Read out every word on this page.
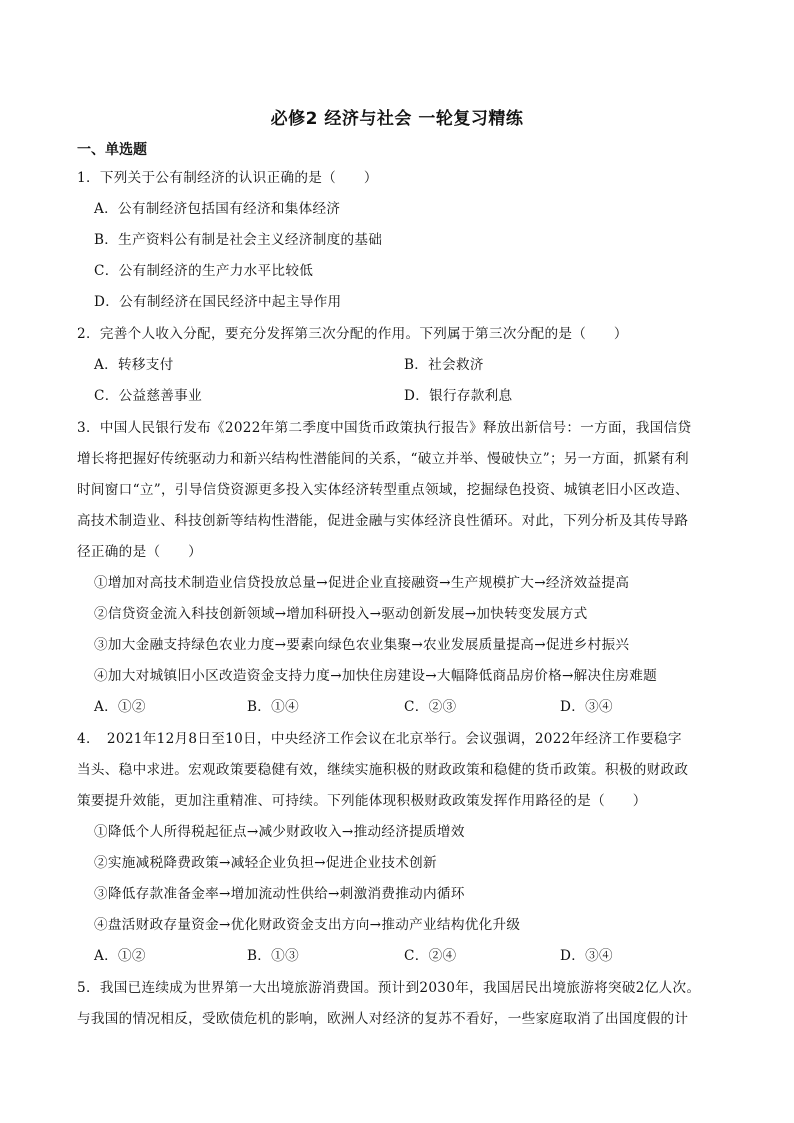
必修2 经济与社会 一轮复习精练
一、单选题
1．下列关于公有制经济的认识正确的是（　　）
A．公有制经济包括国有经济和集体经济
B．生产资料公有制是社会主义经济制度的基础
C．公有制经济的生产力水平比较低
D．公有制经济在国民经济中起主导作用
2．完善个人收入分配，要充分发挥第三次分配的作用。下列属于第三次分配的是（　　）
A．转移支付	B．社会救济
C．公益慈善事业	D．银行存款利息
3．中国人民银行发布《2022年第二季度中国货币政策执行报告》释放出新信号：一方面，我国信贷
增长将把握好传统驱动力和新兴结构性潜能间的关系，“破立并举、慢破快立”；另一方面，抓紧有利
时间窗口“立”，引导信贷资源更多投入实体经济转型重点领域，挖掘绿色投资、城镇老旧小区改造、
高技术制造业、科技创新等结构性潜能，促进金融与实体经济良性循环。对此，下列分析及其传导路
径正确的是（　　）
①增加对高技术制造业信贷投放总量→促进企业直接融资→生产规模扩大→经济效益提高
②信贷资金流入科技创新领域→增加科研投入→驱动创新发展→加快转变发展方式
③加大金融支持绿色农业力度→要素向绿色农业集聚→农业发展质量提高→促进乡村振兴
④加大对城镇旧小区改造资金支持力度→加快住房建设→大幅降低商品房价格→解决住房难题
A．①②	B．①④	C．②③	D．③④
4．　2021年12月8日至10日，中央经济工作会议在北京举行。会议强调，2022年经济工作要稳字
当头、稳中求进。宏观政策要稳健有效，继续实施积极的财政政策和稳健的货币政策。积极的财政政
策要提升效能，更加注重精准、可持续。下列能体现积极财政政策发挥作用路径的是（　　）
①降低个人所得税起征点→减少财政收入→推动经济提质增效
②实施减税降费政策→减轻企业负担→促进企业技术创新
③降低存款准备金率→增加流动性供给→刺激消费推动内循环
④盘活财政存量资金→优化财政资金支出方向→推动产业结构优化升级
A．①②	B．①③	C．②④	D．③④
5．我国已连续成为世界第一大出境旅游消费国。预计到2030年，我国居民出境旅游将突破2亿人次。
与我国的情况相反，受欧债危机的影响，欧洲人对经济的复苏不看好，一些家庭取消了出国度假的计
